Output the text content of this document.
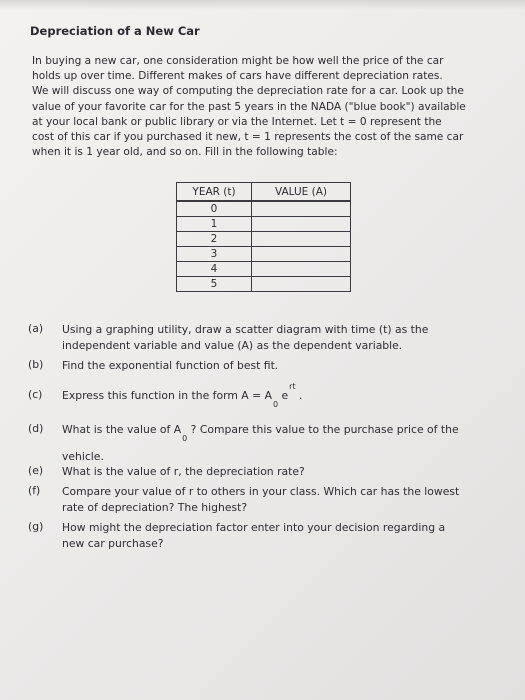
Depreciation of a New Car
In buying a new car, one consideration might be how well the price of the car
holds up over time. Different makes of cars have different depreciation rates.
We will discuss one way of computing the depreciation rate for a car. Look up the
value of your favorite car for the past 5 years in the NADA ("blue book") available
at your local bank or public library or via the Internet. Let t = 0 represent the
cost of this car if you purchased it new, t = 1 represents the cost of the same car
when it is 1 year old, and so on. Fill in the following table:
YEAR (t)	VALUE (A)
0	
1	
2	
3	
4	
5	
(a) Using a graphing utility, draw a scatter diagram with time (t) as the
independent variable and value (A) as the dependent variable.
(b) Find the exponential function of best fit.
(c) Express this function in the form $A = A_0$ $e^{rt}$ .
(d) What is the value of $A_0$ ? Compare this value to the purchase price of the
vehicle.
(e) What is the value of r, the depreciation rate?
(f) Compare your value of r to others in your class. Which car has the lowest
rate of depreciation? The highest?
(g) How might the depreciation factor enter into your decision regarding a
new car purchase?
